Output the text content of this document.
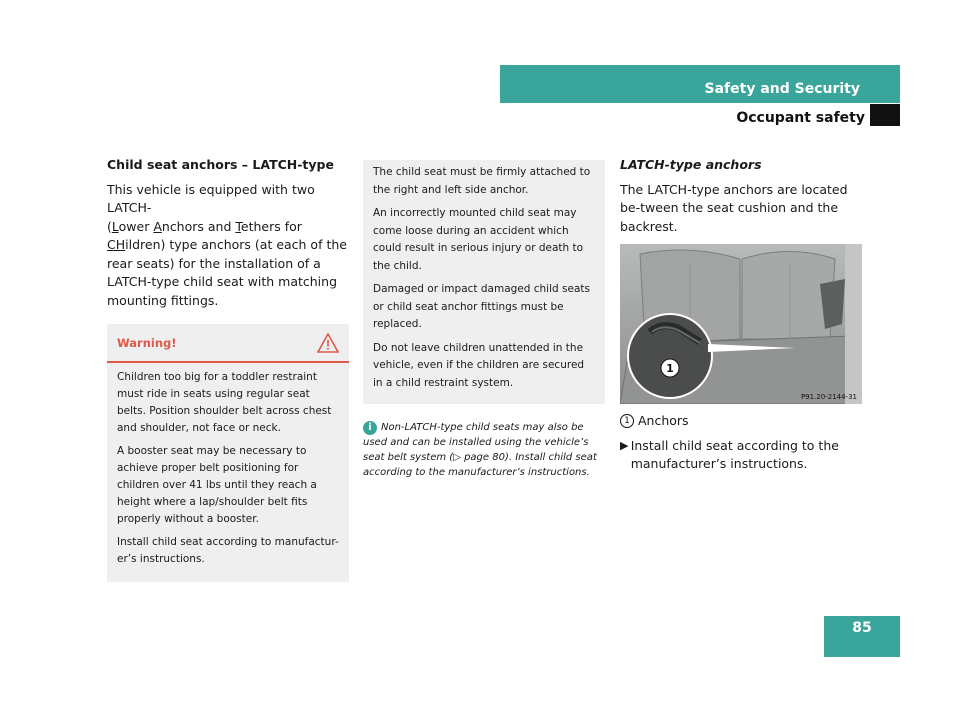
Safety and Security
Occupant safety
Child seat anchors – LATCH-type

This vehicle is equipped with two LATCH-
(Lower Anchors and Tethers for CHildren) type anchors (at each of the rear seats) for the installation of a LATCH-type child seat with matching mounting fittings.

Warning!

Children too big for a toddler restraint must ride in seats using regular seat belts. Position shoulder belt across chest and shoulder, not face or neck.

A booster seat may be necessary to achieve proper belt positioning for children over 41 lbs until they reach a height where a lap/shoulder belt fits properly without a booster.

Install child seat according to manufactur-er’s instructions.

The child seat must be firmly attached to the right and left side anchor.

An incorrectly mounted child seat may come loose during an accident which could result in serious injury or death to the child.

Damaged or impact damaged child seats or child seat anchor fittings must be replaced.

Do not leave children unattended in the vehicle, even if the children are secured in a child restraint system.

i Non-LATCH-type child seats may also be used and can be installed using the vehicle’s seat belt system (▷ page 80). Install child seat according to the manufacturer’s instructions.
LATCH-type anchors

The LATCH-type anchors are located be-tween the seat cushion and the backrest.

1
P91.20-2144-31
1 Anchors
▶ Install child seat according to the manufacturer’s instructions.
85
